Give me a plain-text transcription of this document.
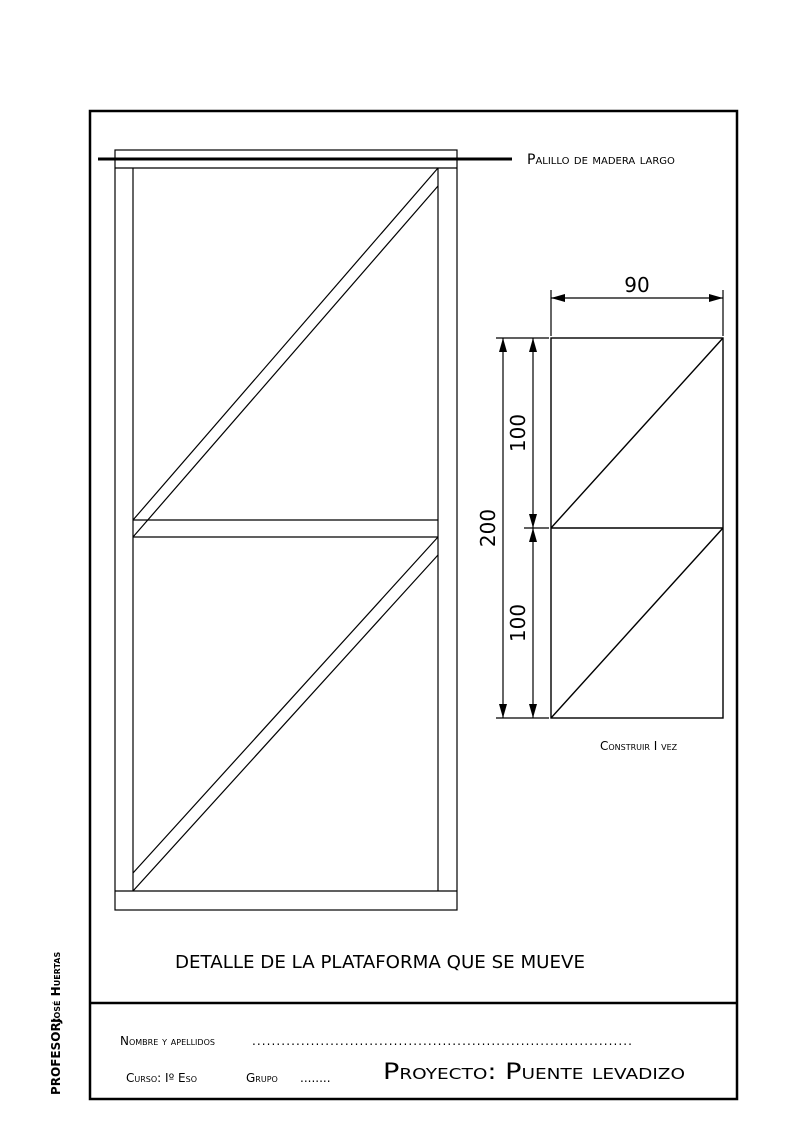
Palillo de madera largo
90
200
100
100
Construir I vez
DETALLE DE LA PLATAFORMA QUE SE MUEVE
PROFESOR:
José Huertas
Nombre y apellidos	..............................................................................
Curso: Iº Eso	Grupo ........ Proyecto: Puente levadizo
